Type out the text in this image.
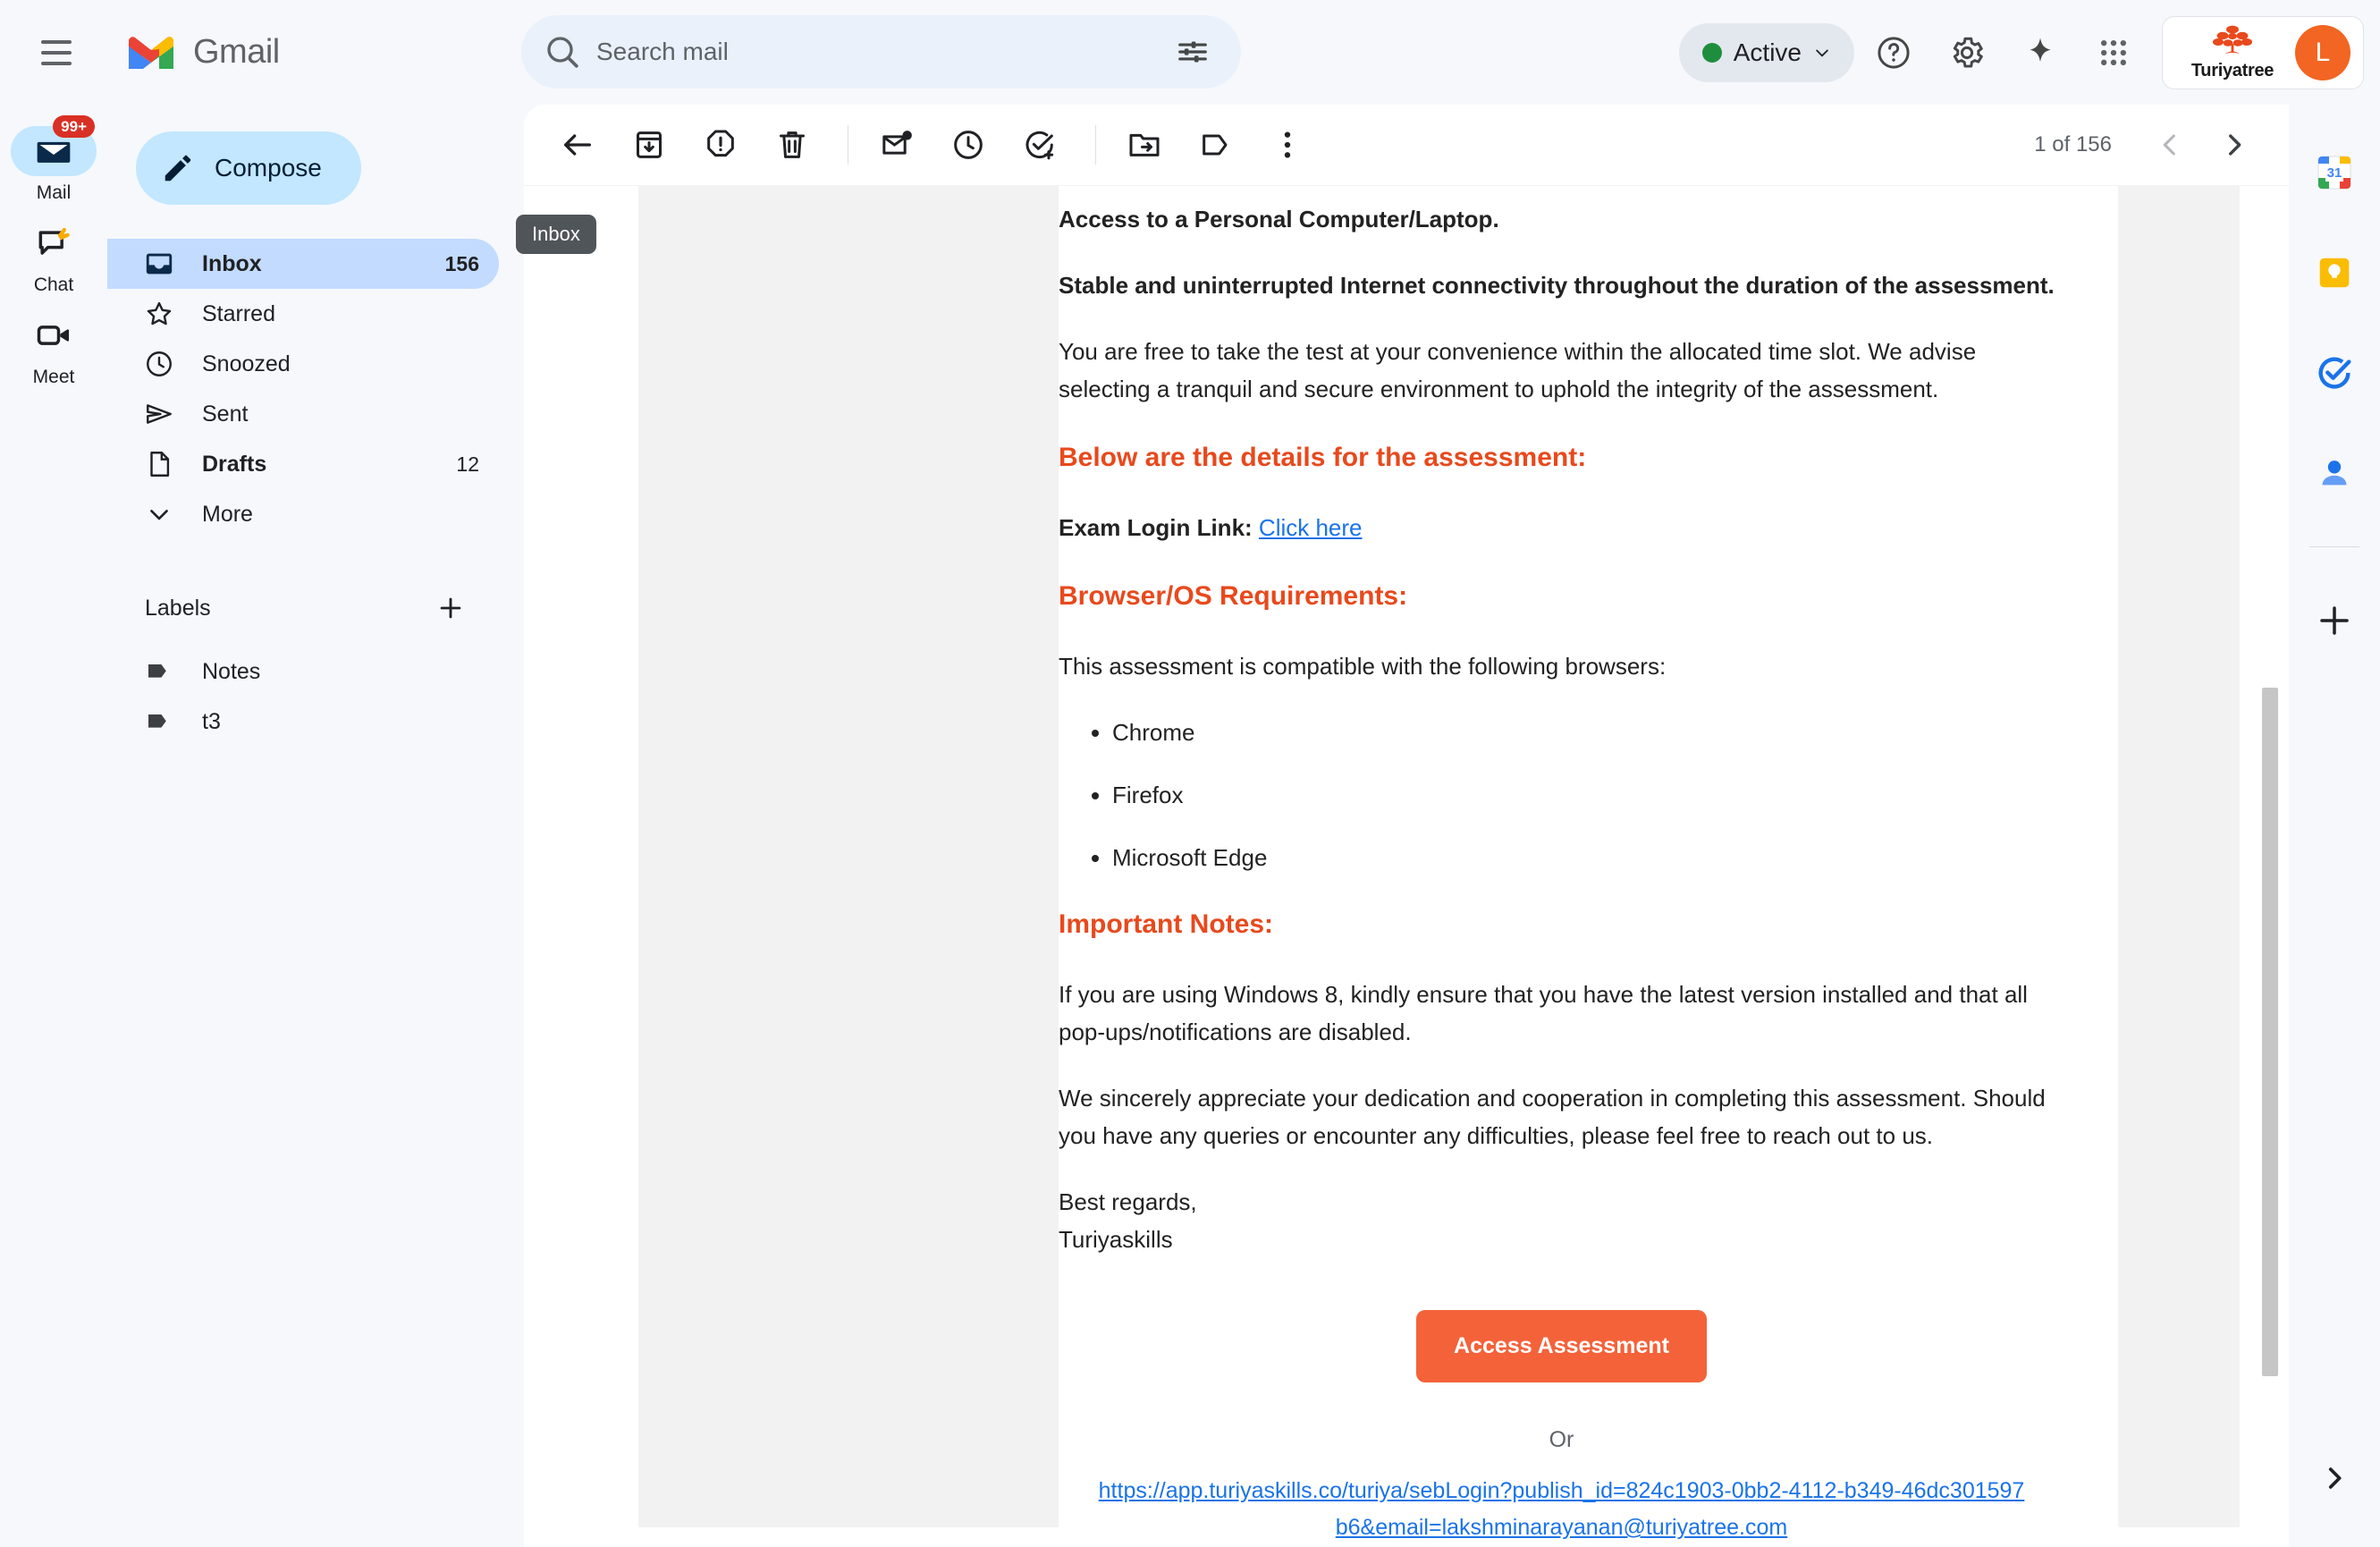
Gmail
Search mail	Active
Turiyatree
L
99+
Mail
Chat
Meet
Compose
Inbox	156
Starred
Snoozed
Sent
Drafts	12
More
Labels
Notes
t3
1 of 156

Access to a Personal Computer/Laptop.

Stable and uninterrupted Internet connectivity throughout the duration of the assessment.

You are free to take the test at your convenience within the allocated time slot. We advise selecting a tranquil and secure environment to uphold the integrity of the assessment.

Below are the details for the assessment:

Exam Login Link: Click here

Browser/OS Requirements:

This assessment is compatible with the following browsers:

• Chrome
• Firefox
• Microsoft Edge

Important Notes:

If you are using Windows 8, kindly ensure that you have the latest version installed and that all pop-ups/notifications are disabled.

We sincerely appreciate your dedication and cooperation in completing this assessment. Should you have any queries or encounter any difficulties, please feel free to reach out to us.

Best regards,

Turiyaskills

Access Assessment
Or
https://app.turiyaskills.co/turiya/sebLogin?publish_id=824c1903-0bb2-4112-b349-46dc301597b6&email=lakshminarayanan@turiyatree.com
Inbox
31
